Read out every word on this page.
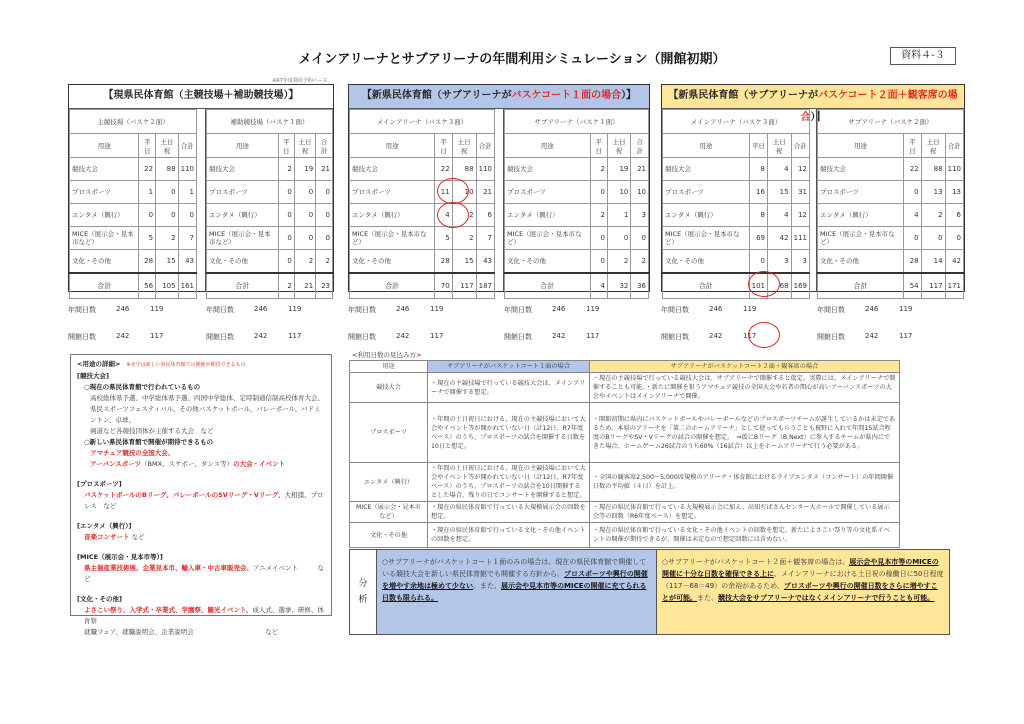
メインアリーナとサブアリーナの年間利用シミュレーション（開館初期）	資料４-３
※R7年度利用予約ベース
【現県民体育館（主競技場＋補助競技場）】
主競技場（バスケ２面）			
用途	平日	土日祝	合計
競技大会	22	88	110
プロスポーツ	1	0	1
エンタメ（興行）	0	0	0
MICE（展示会・見本市など）	5	2	7
文化・その他	28	15	43
合計	56	105	161
補助競技場（バスケ１面）			
用途	平日	土日祝	合計
競技大会	2	19	21
プロスポーツ	0	0	0
エンタメ（興行）	0	0	0
MICE（展示会・見本市など）	0	0	0
文化・その他	0	2	2
合計	2	21	23
年間日数	246	119
開館日数	242	117
年間日数	246	119
開館日数	242	117
【新県民体育館（サブアリーナがバスケコート１面の場合）】
メインアリーナ（バスケ３面）			
用途	平日	土日祝	合計
競技大会	22	88	110
プロスポーツ	11	10	21
エンタメ（興行）	4	2	6
MICE（展示会・見本市など）	5	2	7
文化・その他	28	15	43
合計	70	117	187
サブアリーナ（バスケ１面）			
用途	平日	土日祝	合計
競技大会	2	19	21
プロスポーツ	0	10	10
エンタメ（興行）	2	1	3
MICE（展示会・見本市など）	0	0	0
文化・その他	0	2	2
合計	4	32	36
年間日数	246	119
開館日数	242	117
年間日数	246	119
開館日数	242	117
【新県民体育館（サブアリーナがバスケコート２面＋観客席の場合）】
メインアリーナ（バスケ３面）			
用途	平日	土日祝	合計
競技大会	8	4	12
プロスポーツ	16	15	31
エンタメ（興行）	8	4	12
MICE（展示会・見本市など）	69	42	111
文化・その他	0	3	3
合計	101	68	169
サブアリーナ（バスケ２面）			
用途	平日	土日祝	合計
競技大会	22	88	110
プロスポーツ	0	13	13
エンタメ（興行）	4	2	6
MICE（展示会・見本市など）	0	0	0
文化・その他	28	14	42
合計	54	117	171
年間日数	246	119
開館日数	242	117
年間日数	246	119
開館日数	242	117
<用途の詳細> ※赤字は新しい県民体育館での開催が期待できるもの
[競技大会]
○現在の県民体育館で行われているもの
高校総体県予選、中学総体県予選、四国中学総体、定時制通信制高校体育大会、
県民スポーツフェスティバル、その他バスケットボール、バレーボール、バドミントン、卓球、
剣道など各競技団体が主催する大会　など
○新しい県民体育館で開催が期待できるもの
アマチュア競技の全国大会、
アーバンスポーツ（BMX、スケボー、ダンス等）の大会・イベント
[プロスポーツ]
バスケットボールのBリーグ、バレーボールのSVリーグ・Vリーグ、大相撲、プロレス　など
[エンタメ（興行）]
音楽コンサート など
[MICE（展示会・見本市等）]
県主催産業技術展、企業見本市、輸入車・中古車販売会、アニメイベント　　　など
[文化・その他]
よさこい祭り、入学式・卒業式、学園祭、観光イベント、成人式、選挙、研修、体育祭
就職フェア、就職説明会、企業説明会　　　　　　　　　　　など
<利用日数の見込み方>
用途	サブアリーナがバスケットコート１面の場合	サブアリーナがバスケットコート２面＋観客席の場合
競技大会	・現在の主競技場で行っている競技大会は、メインアリーナで開催する想定。	・現在の主競技場で行っている競技大会は、サブアリーナで開催すると仮定。実際には、メインアリーナで開催することも可能。・新たに開催を狙うアマチュア競技の全国大会や若者の関心が高いアーバンスポーツの大会やイベントはメインアリーナで開催。
プロスポーツ	・年間の土日祝日における、現在の主競技場において大会やイベント等が開かれていない日（計12日、R7年度ベース）のうち、プロスポーツの試合を開催する日数を10日と想定。	・開館初期に県内にバスケットボールやバレーボールなどのプロスポーツチームが誕生しているかは未定であるため、本県のアリーナを「第二のホームアリーナ」として使ってもらうことも視野に入れて年間15試合程度のBリーグやSV・Vリーグの試合の開催を想定。　⇒仮にBリーグ（B.Next）に参入するチームが県内にできた場合、ホームゲーム26試合のうち60%（16試合）以上をホームアリーナで行う必要がある。
エンタメ（興行）	・年間の土日祝日における、現在の主競技場において大会やイベント等が開かれていない日（計12日、R7年度ベース）のうち、プロスポーツの試合を10日開催するとした場合、残りの日でコンサートを開催すると想定。	・全国の観客席2,500～5,000席規模のアリーナ・体育館におけるライブエンタメ（コンサート）の年間開催日数の平均値（４日）を計上。
MICE（展示会・見本市など）	・現在の県民体育館で行っている大規模展示会の回数を想定。	・現在の県民体育館で行っている大規模展示会に加え、高知ぢばさんセンター大ホールで開催している展示会等の回数（R6年度ベース）を想定。
文化・その他	・現在の県民体育館で行っている文化・その他イベントの回数を想定。	・現在の県民体育館で行っている文化・その他イベントの回数を想定。新たによさこい祭り等の文化系イベントの開催が期待できるが、開催は未定なので想定回数には含めない。
分
析
○サブアリーナがバスケットコート１面のみの場合は、現在の県民体育館で開催している競技大会を新しい県民体育館でも開催する方針から、プロスポーツや興行の開催を増やす余地は極めて少ない。また、展示会や見本市等のMICEの開催に充てられる日数も限られる。
○サブアリーナがバスケットコート２面＋観客席の場合は、展示会や見本市等のMICEの開催に十分な日数を確保できる上に、メインアリーナにおける土日祝の稼働日に50日程度（117－68＝49）の余裕があるため、プロスポーツや興行の開催日数をさらに増やすことが可能。また、競技大会をサブアリーナではなくメインアリーナで行うことも可能。
